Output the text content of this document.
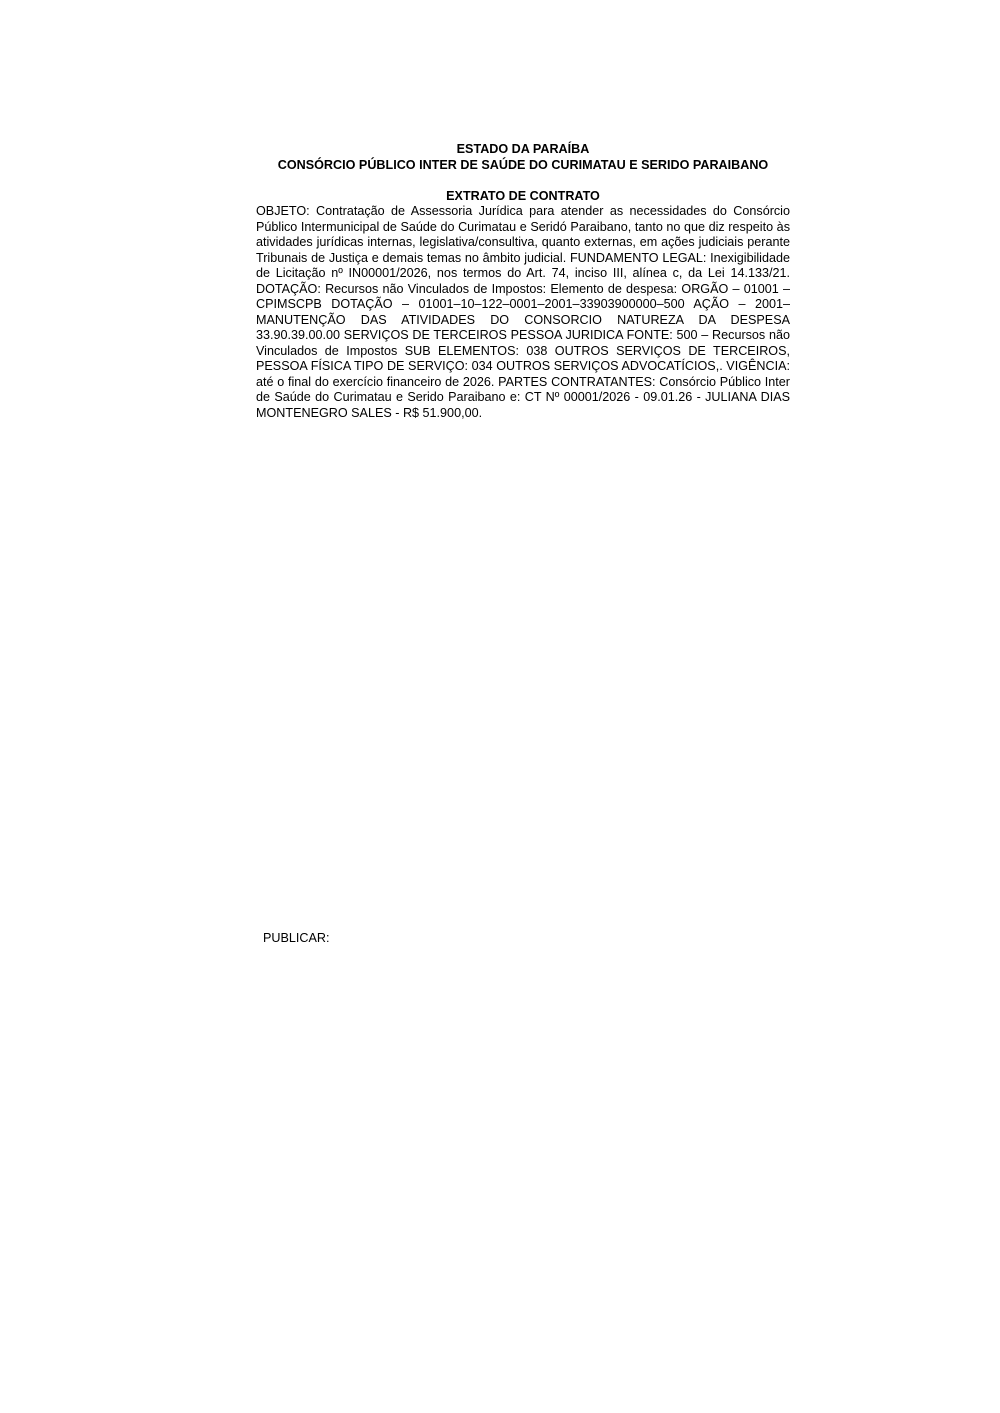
ESTADO DA PARAÍBA
CONSÓRCIO PÚBLICO INTER DE SAÚDE DO CURIMATAU E SERIDO PARAIBANO
EXTRATO DE CONTRATO

OBJETO: Contratação de Assessoria Jurídica para atender as necessidades do Consórcio Público Intermunicipal de Saúde do Curimatau e Seridó Paraibano, tanto no que diz respeito às atividades jurídicas internas, legislativa/consultiva, quanto externas, em ações judiciais perante Tribunais de Justiça e demais temas no âmbito judicial. FUNDAMENTO LEGAL: Inexigibilidade de Licitação nº IN00001/2026, nos termos do Art. 74, inciso III, alínea c, da Lei 14.133/21. DOTAÇÃO: Recursos não Vinculados de Impostos: Elemento de despesa: ORGÃO – 01001 – CPIMSCPB DOTAÇÃO – 01001–10–122–0001–2001–33903900000–500 AÇÃO – 2001– MANUTENÇÃO DAS ATIVIDADES DO CONSORCIO NATUREZA DA DESPESA 33.90.39.00.00 SERVIÇOS DE TERCEIROS PESSOA JURIDICA FONTE: 500 – Recursos não Vinculados de Impostos SUB ELEMENTOS: 038 OUTROS SERVIÇOS DE TERCEIROS, PESSOA FÍSICA TIPO DE SERVIÇO: 034 OUTROS SERVIÇOS ADVOCATÍCIOS,. VIGÊNCIA: até o final do exercício financeiro de 2026. PARTES CONTRATANTES: Consórcio Público Inter de Saúde do Curimatau e Serido Paraibano e: CT Nº 00001/2026 - 09.01.26 - JULIANA DIAS MONTENEGRO SALES - R$ 51.900,00.

PUBLICAR:
